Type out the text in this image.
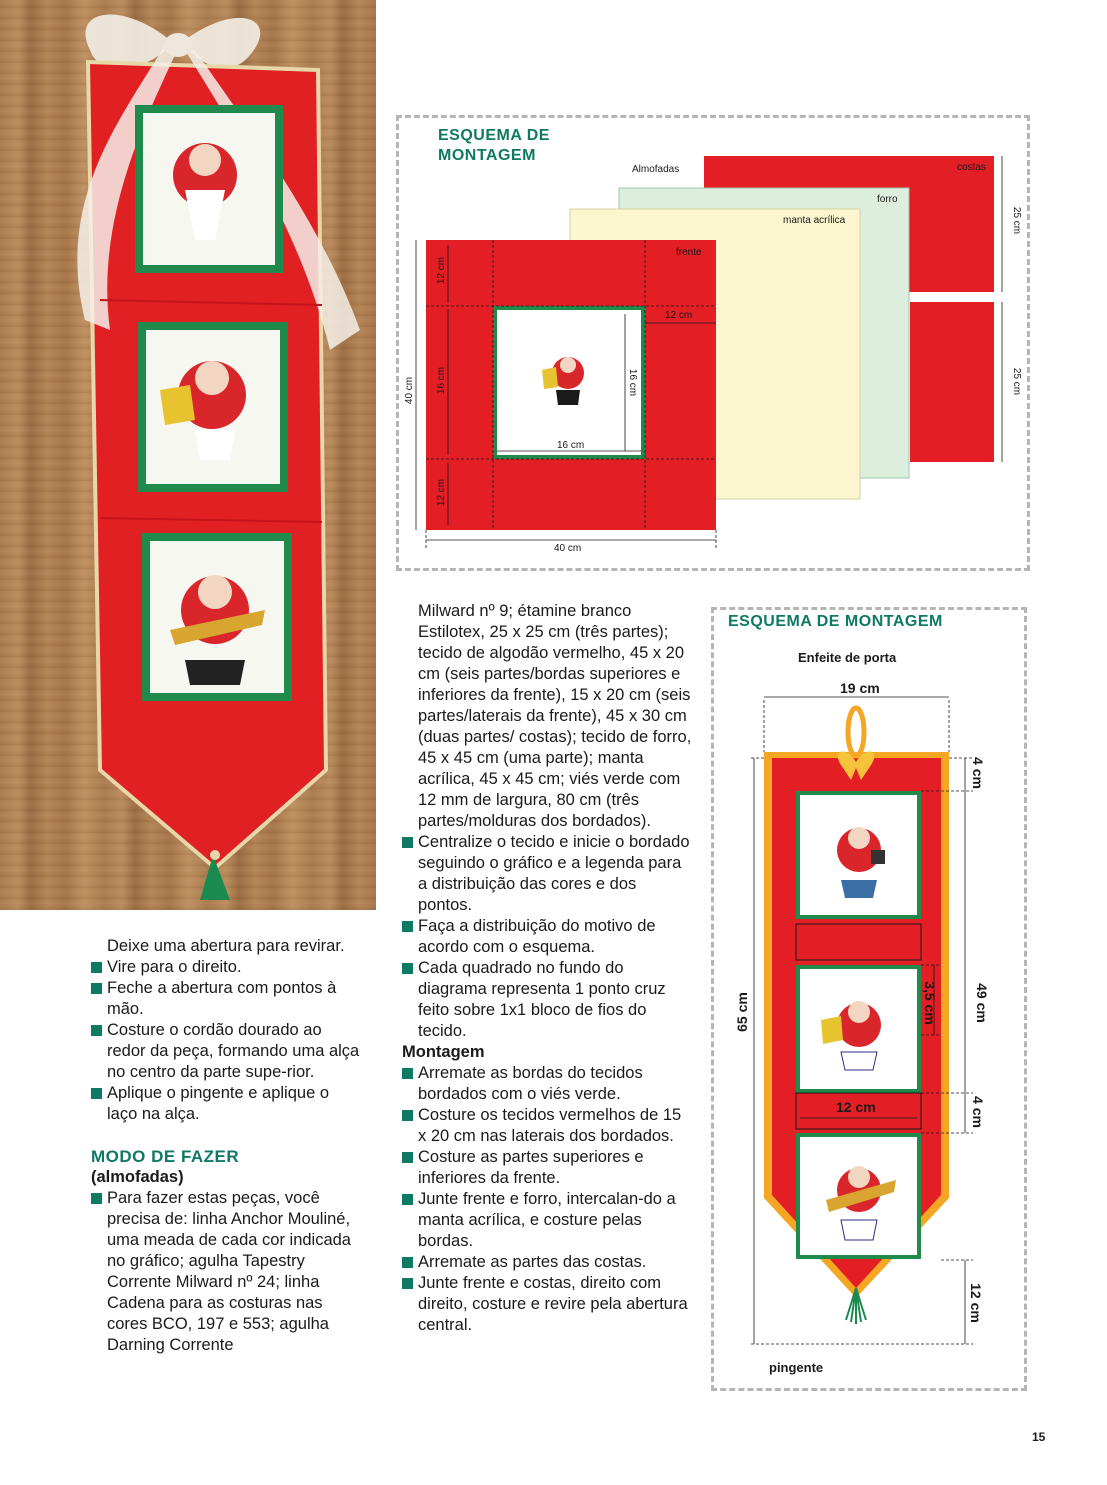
ESQUEMA DE
MONTAGEM
Almofadas	costas
forro
manta acrílica
frente
12 cm
16 cm
12 cm
40 cm
40 cm
16 cm
16 cm
12 cm
25 cm
25 cm
ESQUEMA DE MONTAGEM
Enfeite de porta
19 cm
4 cm
65 cm	49 cm
3,5 cm
12 cm	4 cm
12 cm
pingente

Deixe uma abertura para revirar.

Vire para o direito.

Feche a abertura com pontos à mão.

Costure o cordão dourado ao redor da peça, formando uma alça no centro da parte supe-rior.

Aplique o pingente e aplique o laço na alça.

MODO DE FAZER

(almofadas)

Para fazer estas peças, você precisa de: linha Anchor Mouliné, uma meada de cada cor indicada no gráfico; agulha Tapestry Corrente Milward nº 24; linha Cadena para as costuras nas cores BCO, 197 e 553; agulha Darning Corrente

Milward nº 9; étamine branco Estilotex, 25 x 25 cm (três partes); tecido de algodão vermelho, 45 x 20 cm (seis partes/bordas superiores e inferiores da frente), 15 x 20 cm (seis partes/laterais da frente), 45 x 30 cm (duas partes/ costas); tecido de forro, 45 x 45 cm (uma parte); manta acrílica, 45 x 45 cm; viés verde com 12 mm de largura, 80 cm (três partes/molduras dos bordados).

Centralize o tecido e inicie o bordado seguindo o gráfico e a legenda para a distribuição das cores e dos pontos.

Faça a distribuição do motivo de acordo com o esquema.

Cada quadrado no fundo do diagrama representa 1 ponto cruz feito sobre 1x1 bloco de fios do tecido.

Montagem

Arremate as bordas do tecidos bordados com o viés verde.

Costure os tecidos vermelhos de 15 x 20 cm nas laterais dos bordados.

Costure as partes superiores e inferiores da frente.

Junte frente e forro, intercalan-do a manta acrílica, e costure pelas bordas.

Arremate as partes das costas.

Junte frente e costas, direito com direito, costure e revire pela abertura central.

15
